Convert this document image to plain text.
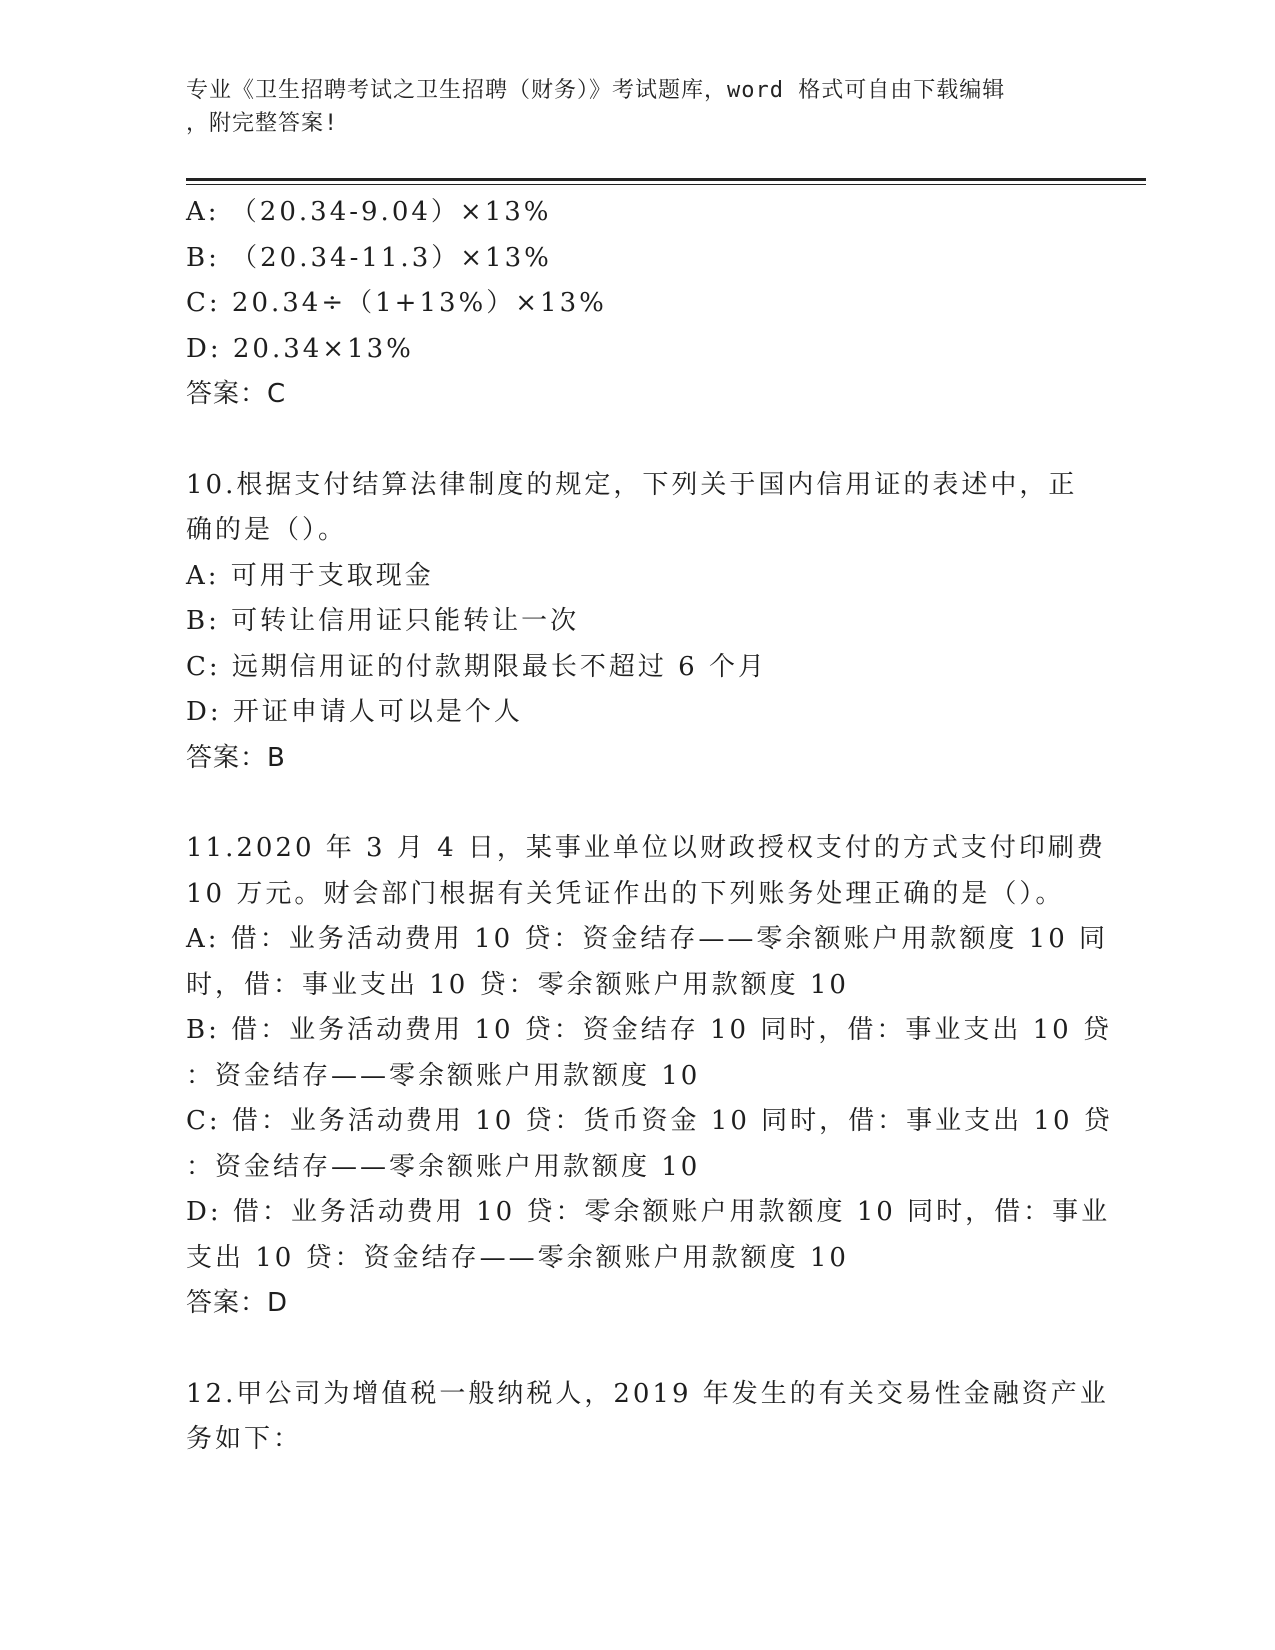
专业《卫生招聘考试之卫生招聘（财务）》考试题库，word 格式可自由下载编辑
，附完整答案!
A: （20.34-9.04）×13%
B: （20.34-11.3）×13%
C: 20.34÷（1+13%）×13%
D: 20.34×13%
答案：C
10.根据支付结算法律制度的规定，下列关于国内信用证的表述中，正
确的是（）。
A: 可用于支取现金
B: 可转让信用证只能转让一次
C: 远期信用证的付款期限最长不超过 6 个月
D: 开证申请人可以是个人
答案：B
11.2020 年 3 月 4 日，某事业单位以财政授权支付的方式支付印刷费
10 万元。财会部门根据有关凭证作出的下列账务处理正确的是（）。
A: 借：业务活动费用 10 贷：资金结存——零余额账户用款额度 10 同
时，借：事业支出 10 贷：零余额账户用款额度 10
B: 借：业务活动费用 10 贷：资金结存 10 同时，借：事业支出 10 贷
：资金结存——零余额账户用款额度 10
C: 借：业务活动费用 10 贷：货币资金 10 同时，借：事业支出 10 贷
：资金结存——零余额账户用款额度 10
D: 借：业务活动费用 10 贷：零余额账户用款额度 10 同时，借：事业
支出 10 贷：资金结存——零余额账户用款额度 10
答案：D
12.甲公司为增值税一般纳税人，2019 年发生的有关交易性金融资产业
务如下：
